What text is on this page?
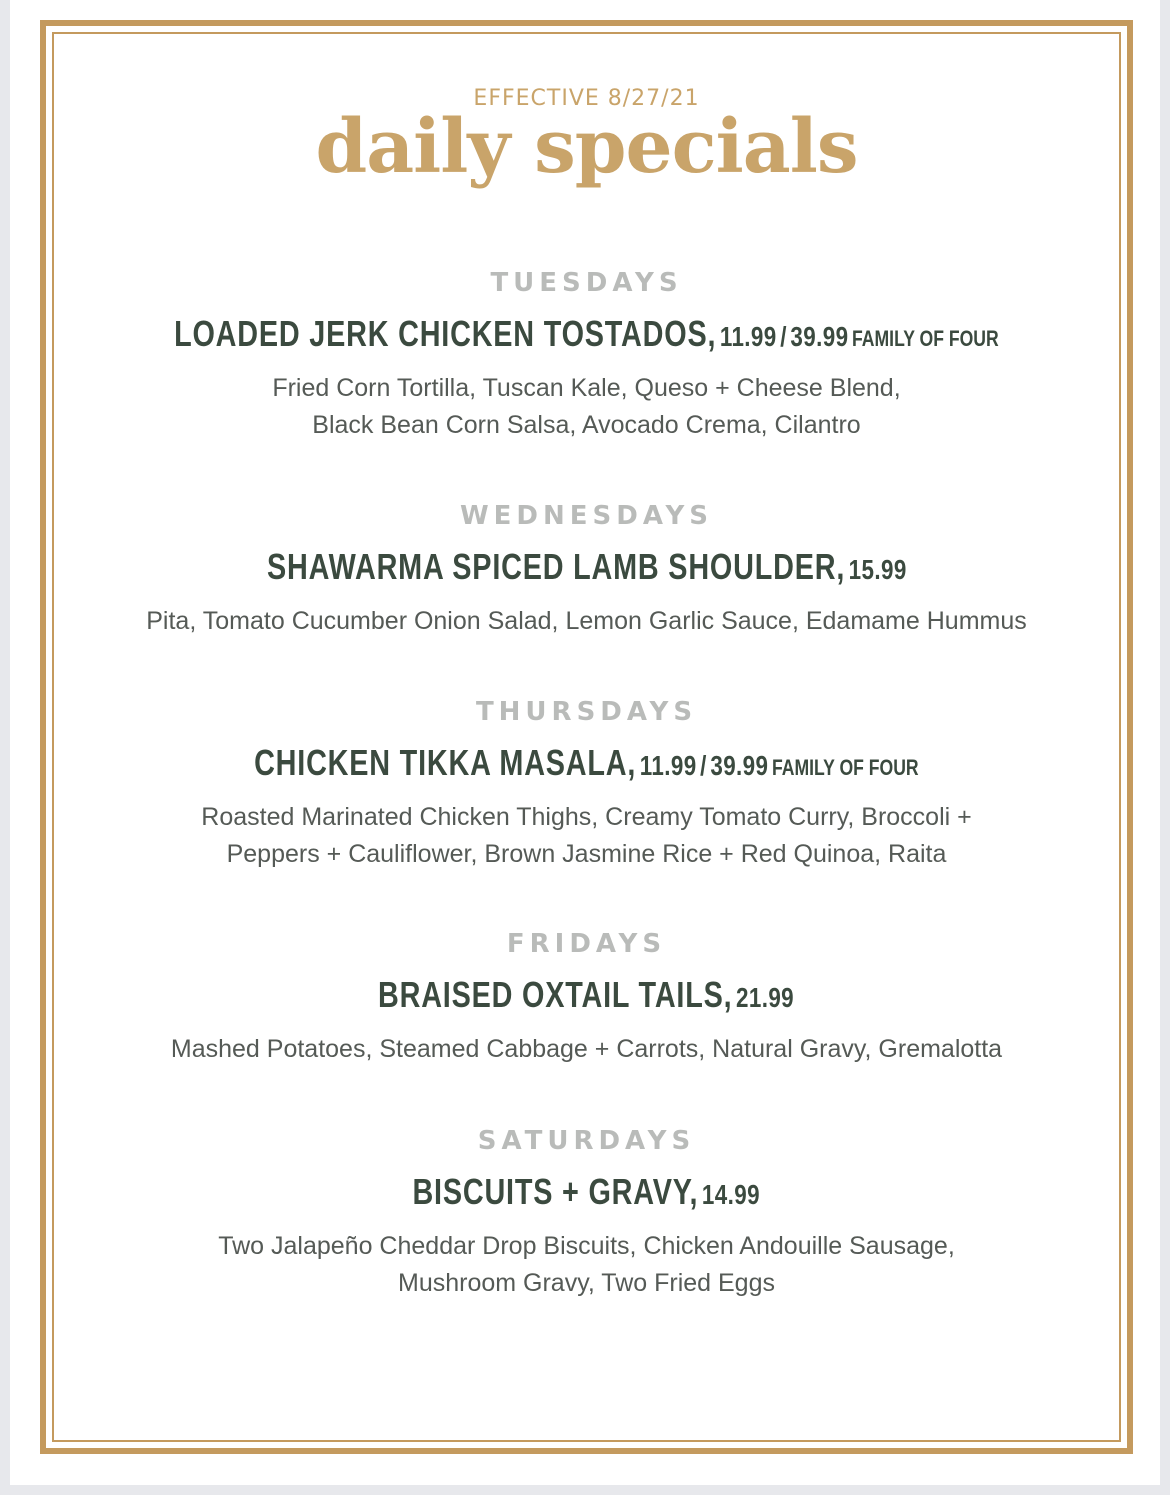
EFFECTIVE 8/27/21
daily specials
TUESDAYS
LOADED JERK CHICKEN TOSTADOS, 11.99 / 39.99 FAMILY OF FOUR
Fried Corn Tortilla, Tuscan Kale, Queso + Cheese Blend,
Black Bean Corn Salsa, Avocado Crema, Cilantro
WEDNESDAYS
SHAWARMA SPICED LAMB SHOULDER, 15.99
Pita, Tomato Cucumber Onion Salad, Lemon Garlic Sauce, Edamame Hummus
THURSDAYS
CHICKEN TIKKA MASALA, 11.99 / 39.99 FAMILY OF FOUR
Roasted Marinated Chicken Thighs, Creamy Tomato Curry, Broccoli +
Peppers + Cauliflower, Brown Jasmine Rice + Red Quinoa, Raita
FRIDAYS
BRAISED OXTAIL TAILS, 21.99
Mashed Potatoes, Steamed Cabbage + Carrots, Natural Gravy, Gremalotta
SATURDAYS
BISCUITS + GRAVY, 14.99
Two Jalapeño Cheddar Drop Biscuits, Chicken Andouille Sausage,
Mushroom Gravy, Two Fried Eggs
